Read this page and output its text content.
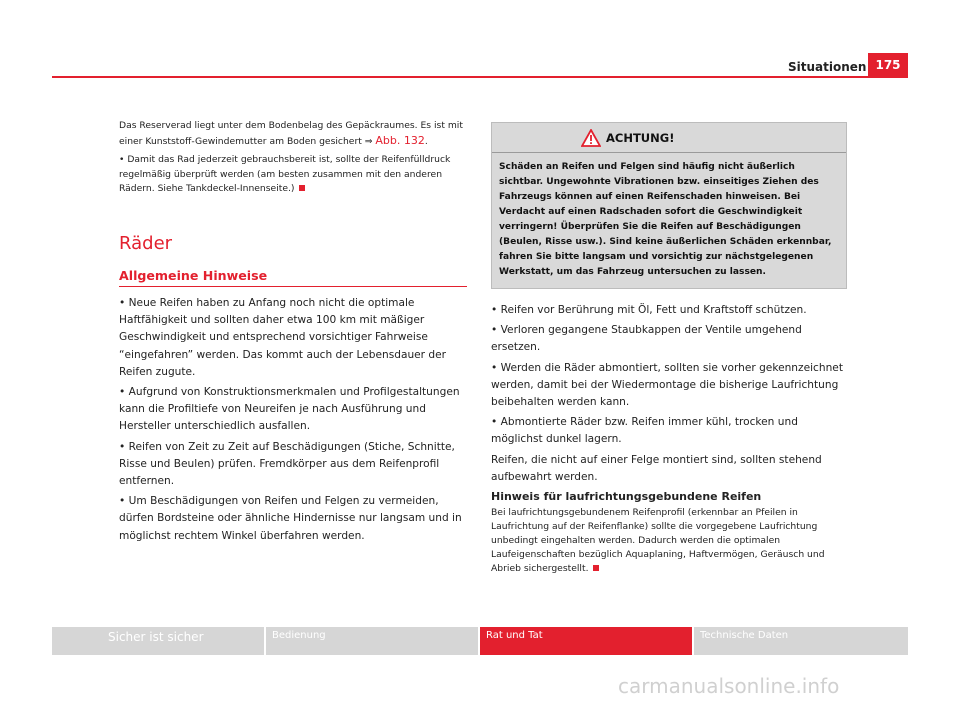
Situationen 175

Das Reserverad liegt unter dem Bodenbelag des Gepäckraumes. Es ist mit einer Kunststoff-Gewindemutter am Boden gesichert ⇒ Abb. 132.

• Damit das Rad jederzeit gebrauchsbereit ist, sollte der Reifenfülldruck regelmäßig überprüft werden (am besten zusammen mit den anderen Rädern. Siehe Tankdeckel-Innenseite.)

Räder
Allgemeine Hinweise

• Neue Reifen haben zu Anfang noch nicht die optimale Haftfähigkeit und sollten daher etwa 100 km mit mäßiger Geschwindigkeit und entsprechend vorsichtiger Fahrweise “eingefahren” werden. Das kommt auch der Lebensdauer der Reifen zugute.

• Aufgrund von Konstruktionsmerkmalen und Profilgestaltungen kann die Profiltiefe von Neureifen je nach Ausführung und Hersteller unterschiedlich ausfallen.

• Reifen von Zeit zu Zeit auf Beschädigungen (Stiche, Schnitte, Risse und Beulen) prüfen. Fremdkörper aus dem Reifenprofil entfernen.

• Um Beschädigungen von Reifen und Felgen zu vermeiden, dürfen Bordsteine oder ähnliche Hindernisse nur langsam und in möglichst rechtem Winkel überfahren werden.

ACHTUNG!
Schäden an Reifen und Felgen sind häufig nicht äußerlich sichtbar. Ungewohnte Vibrationen bzw. einseitiges Ziehen des Fahrzeugs können auf einen Reifenschaden hinweisen. Bei Verdacht auf einen Radschaden sofort die Geschwindigkeit verringern! Überprüfen Sie die Reifen auf Beschädigungen (Beulen, Risse usw.). Sind keine äußerlichen Schäden erkennbar, fahren Sie bitte langsam und vorsichtig zur nächstgelegenen Werkstatt, um das Fahrzeug untersuchen zu lassen.

• Reifen vor Berührung mit Öl, Fett und Kraftstoff schützen.

• Verloren gegangene Staubkappen der Ventile umgehend ersetzen.

• Werden die Räder abmontiert, sollten sie vorher gekennzeichnet werden, damit bei der Wiedermontage die bisherige Laufrichtung beibehalten werden kann.

• Abmontierte Räder bzw. Reifen immer kühl, trocken und möglichst dunkel lagern.

Reifen, die nicht auf einer Felge montiert sind, sollten stehend aufbewahrt werden.

Hinweis für laufrichtungsgebundene Reifen

Bei laufrichtungsgebundenem Reifenprofil (erkennbar an Pfeilen in Laufrichtung auf der Reifenflanke) sollte die vorgegebene Laufrichtung unbedingt eingehalten werden. Dadurch werden die optimalen Laufeigenschaften bezüglich Aquaplaning, Haftvermögen, Geräusch und Abrieb sichergestellt.

Sicher ist sicher	Bedienung	Rat und Tat	Technische Daten
carmanualsonline.info
